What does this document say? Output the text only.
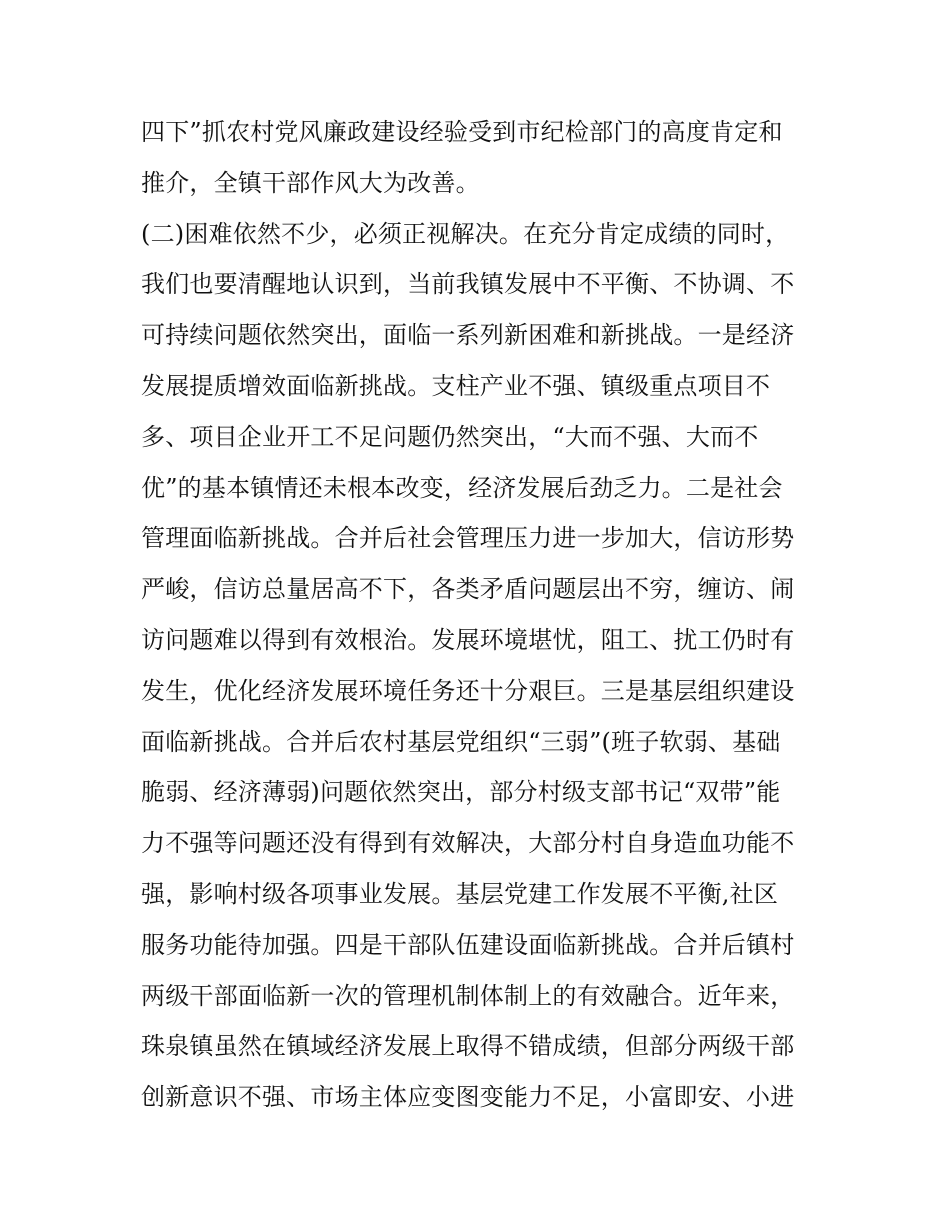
四下”抓农村党风廉政建设经验受到市纪检部门的高度肯定和
推介，全镇干部作风大为改善。
(二)困难依然不少，必须正视解决。在充分肯定成绩的同时，
我们也要清醒地认识到，当前我镇发展中不平衡、不协调、不
可持续问题依然突出，面临一系列新困难和新挑战。一是经济
发展提质增效面临新挑战。支柱产业不强、镇级重点项目不
多、项目企业开工不足问题仍然突出，“大而不强、大而不
优”的基本镇情还未根本改变，经济发展后劲乏力。二是社会
管理面临新挑战。合并后社会管理压力进一步加大，信访形势
严峻，信访总量居高不下，各类矛盾问题层出不穷，缠访、闹
访问题难以得到有效根治。发展环境堪忧，阻工、扰工仍时有
发生，优化经济发展环境任务还十分艰巨。三是基层组织建设
面临新挑战。合并后农村基层党组织“三弱”(班子软弱、基础
脆弱、经济薄弱)问题依然突出，部分村级支部书记“双带”能
力不强等问题还没有得到有效解决，大部分村自身造血功能不
强，影响村级各项事业发展。基层党建工作发展不平衡,社区
服务功能待加强。四是干部队伍建设面临新挑战。合并后镇村
两级干部面临新一次的管理机制体制上的有效融合。近年来，
珠泉镇虽然在镇域经济发展上取得不错成绩，但部分两级干部
创新意识不强、市场主体应变图变能力不足，小富即安、小进
